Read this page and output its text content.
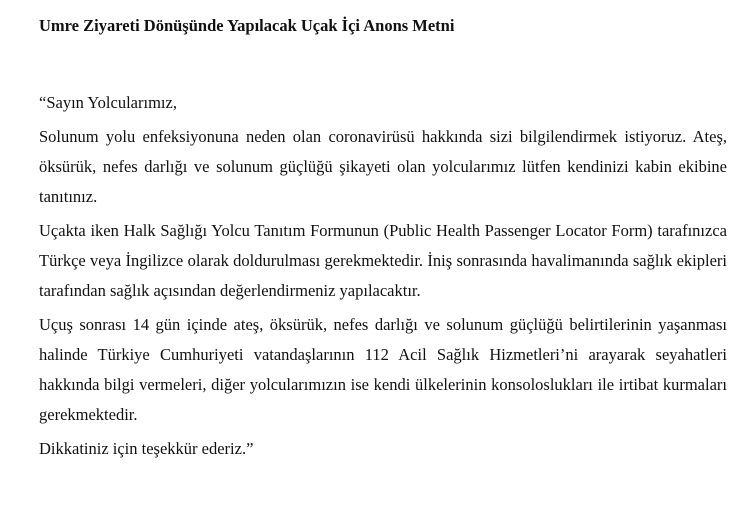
Umre Ziyareti Dönüşünde Yapılacak Uçak İçi Anons Metni

“Sayın Yolcularımız,

Solunum yolu enfeksiyonuna neden olan coronavirüsü hakkında sizi bilgilendirmek istiyoruz. Ateş, öksürük, nefes darlığı ve solunum güçlüğü şikayeti olan yolcularımız lütfen kendinizi kabin ekibine tanıtınız.

Uçakta iken Halk Sağlığı Yolcu Tanıtım Formunun (Public Health Passenger Locator Form) tarafınızca Türkçe veya İngilizce olarak doldurulması gerekmektedir. İniş sonrasında havalimanında sağlık ekipleri tarafından sağlık açısından değerlendirmeniz yapılacaktır.

Uçuş sonrası 14 gün içinde ateş, öksürük, nefes darlığı ve solunum güçlüğü belirtilerinin yaşanması halinde Türkiye Cumhuriyeti vatandaşlarının 112 Acil Sağlık Hizmetleri’ni arayarak seyahatleri hakkında bilgi vermeleri, diğer yolcularımızın ise kendi ülkelerinin konsoloslukları ile irtibat kurmaları gerekmektedir.

Dikkatiniz için teşekkür ederiz.”
